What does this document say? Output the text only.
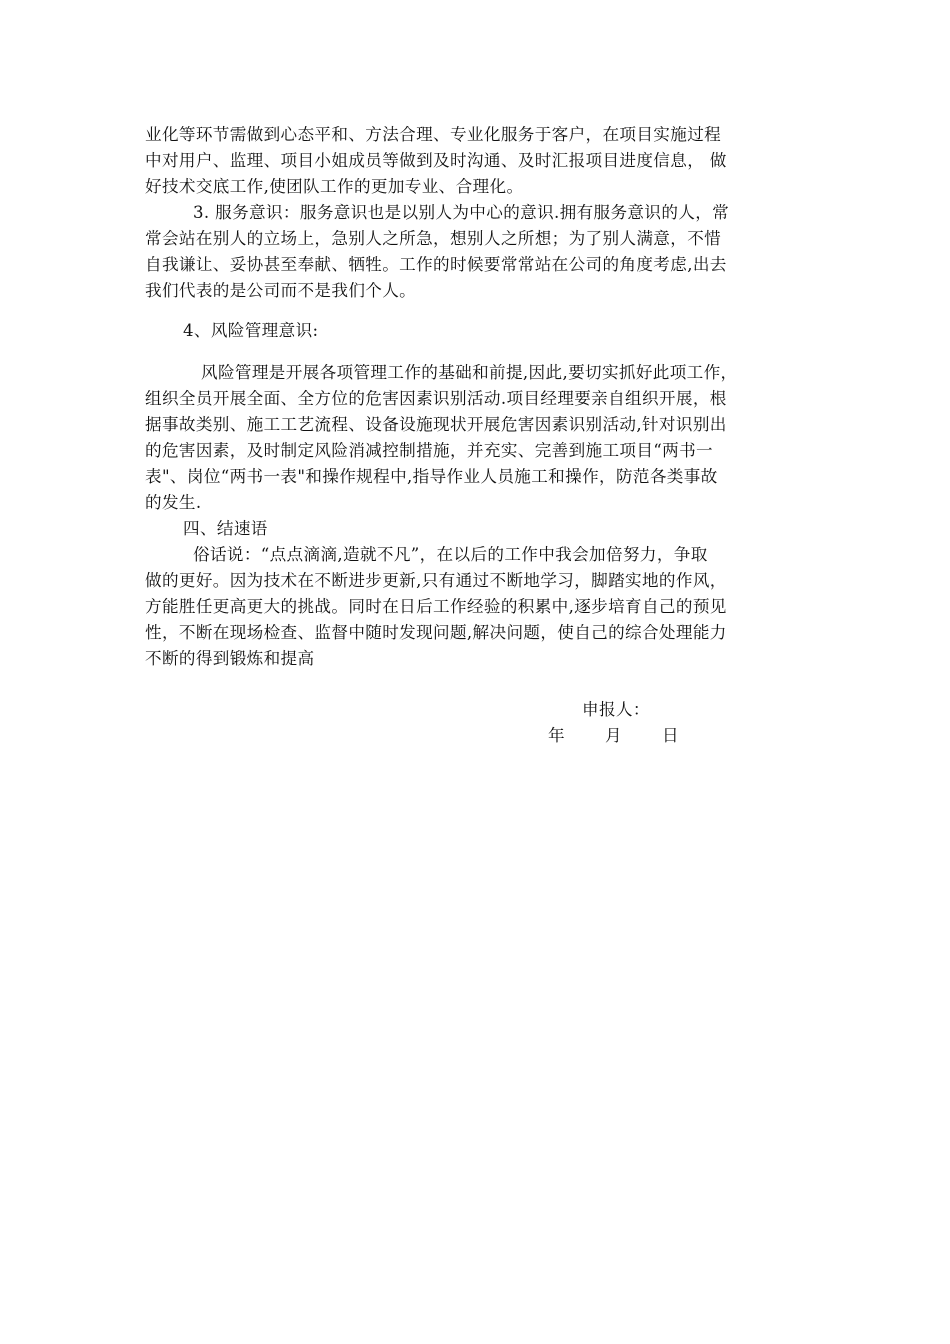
业化等环节需做到心态平和、方法合理、专业化服务于客户，在项目实施过程
中对用户、监理、项目小姐成员等做到及时沟通、及时汇报项目进度信息， 做
好技术交底工作,使团队工作的更加专业、合理化。
3. 服务意识：服务意识也是以别人为中心的意识.拥有服务意识的人，常
常会站在别人的立场上，急别人之所急，想别人之所想；为了别人满意，不惜
自我谦让、妥协甚至奉献、牺牲。工作的时候要常常站在公司的角度考虑,出去
我们代表的是公司而不是我们个人。
4、风险管理意识:
风险管理是开展各项管理工作的基础和前提,因此,要切实抓好此项工作，
组织全员开展全面、全方位的危害因素识别活动.项目经理要亲自组织开展，根
据事故类别、施工工艺流程、设备设施现状开展危害因素识别活动,针对识别出
的危害因素，及时制定风险消减控制措施，并充实、完善到施工项目“两书一
表"、岗位“两书一表"和操作规程中,指导作业人员施工和操作，防范各类事故
的发生.
四、结速语
俗话说：“点点滴滴,造就不凡”，在以后的工作中我会加倍努力，争取
做的更好。因为技术在不断进步更新,只有通过不断地学习，脚踏实地的作风，
方能胜任更高更大的挑战。同时在日后工作经验的积累中,逐步培育自己的预见
性，不断在现场检查、监督中随时发现问题,解决问题，使自己的综合处理能力
不断的得到锻炼和提高
申报人：
年 月 日
